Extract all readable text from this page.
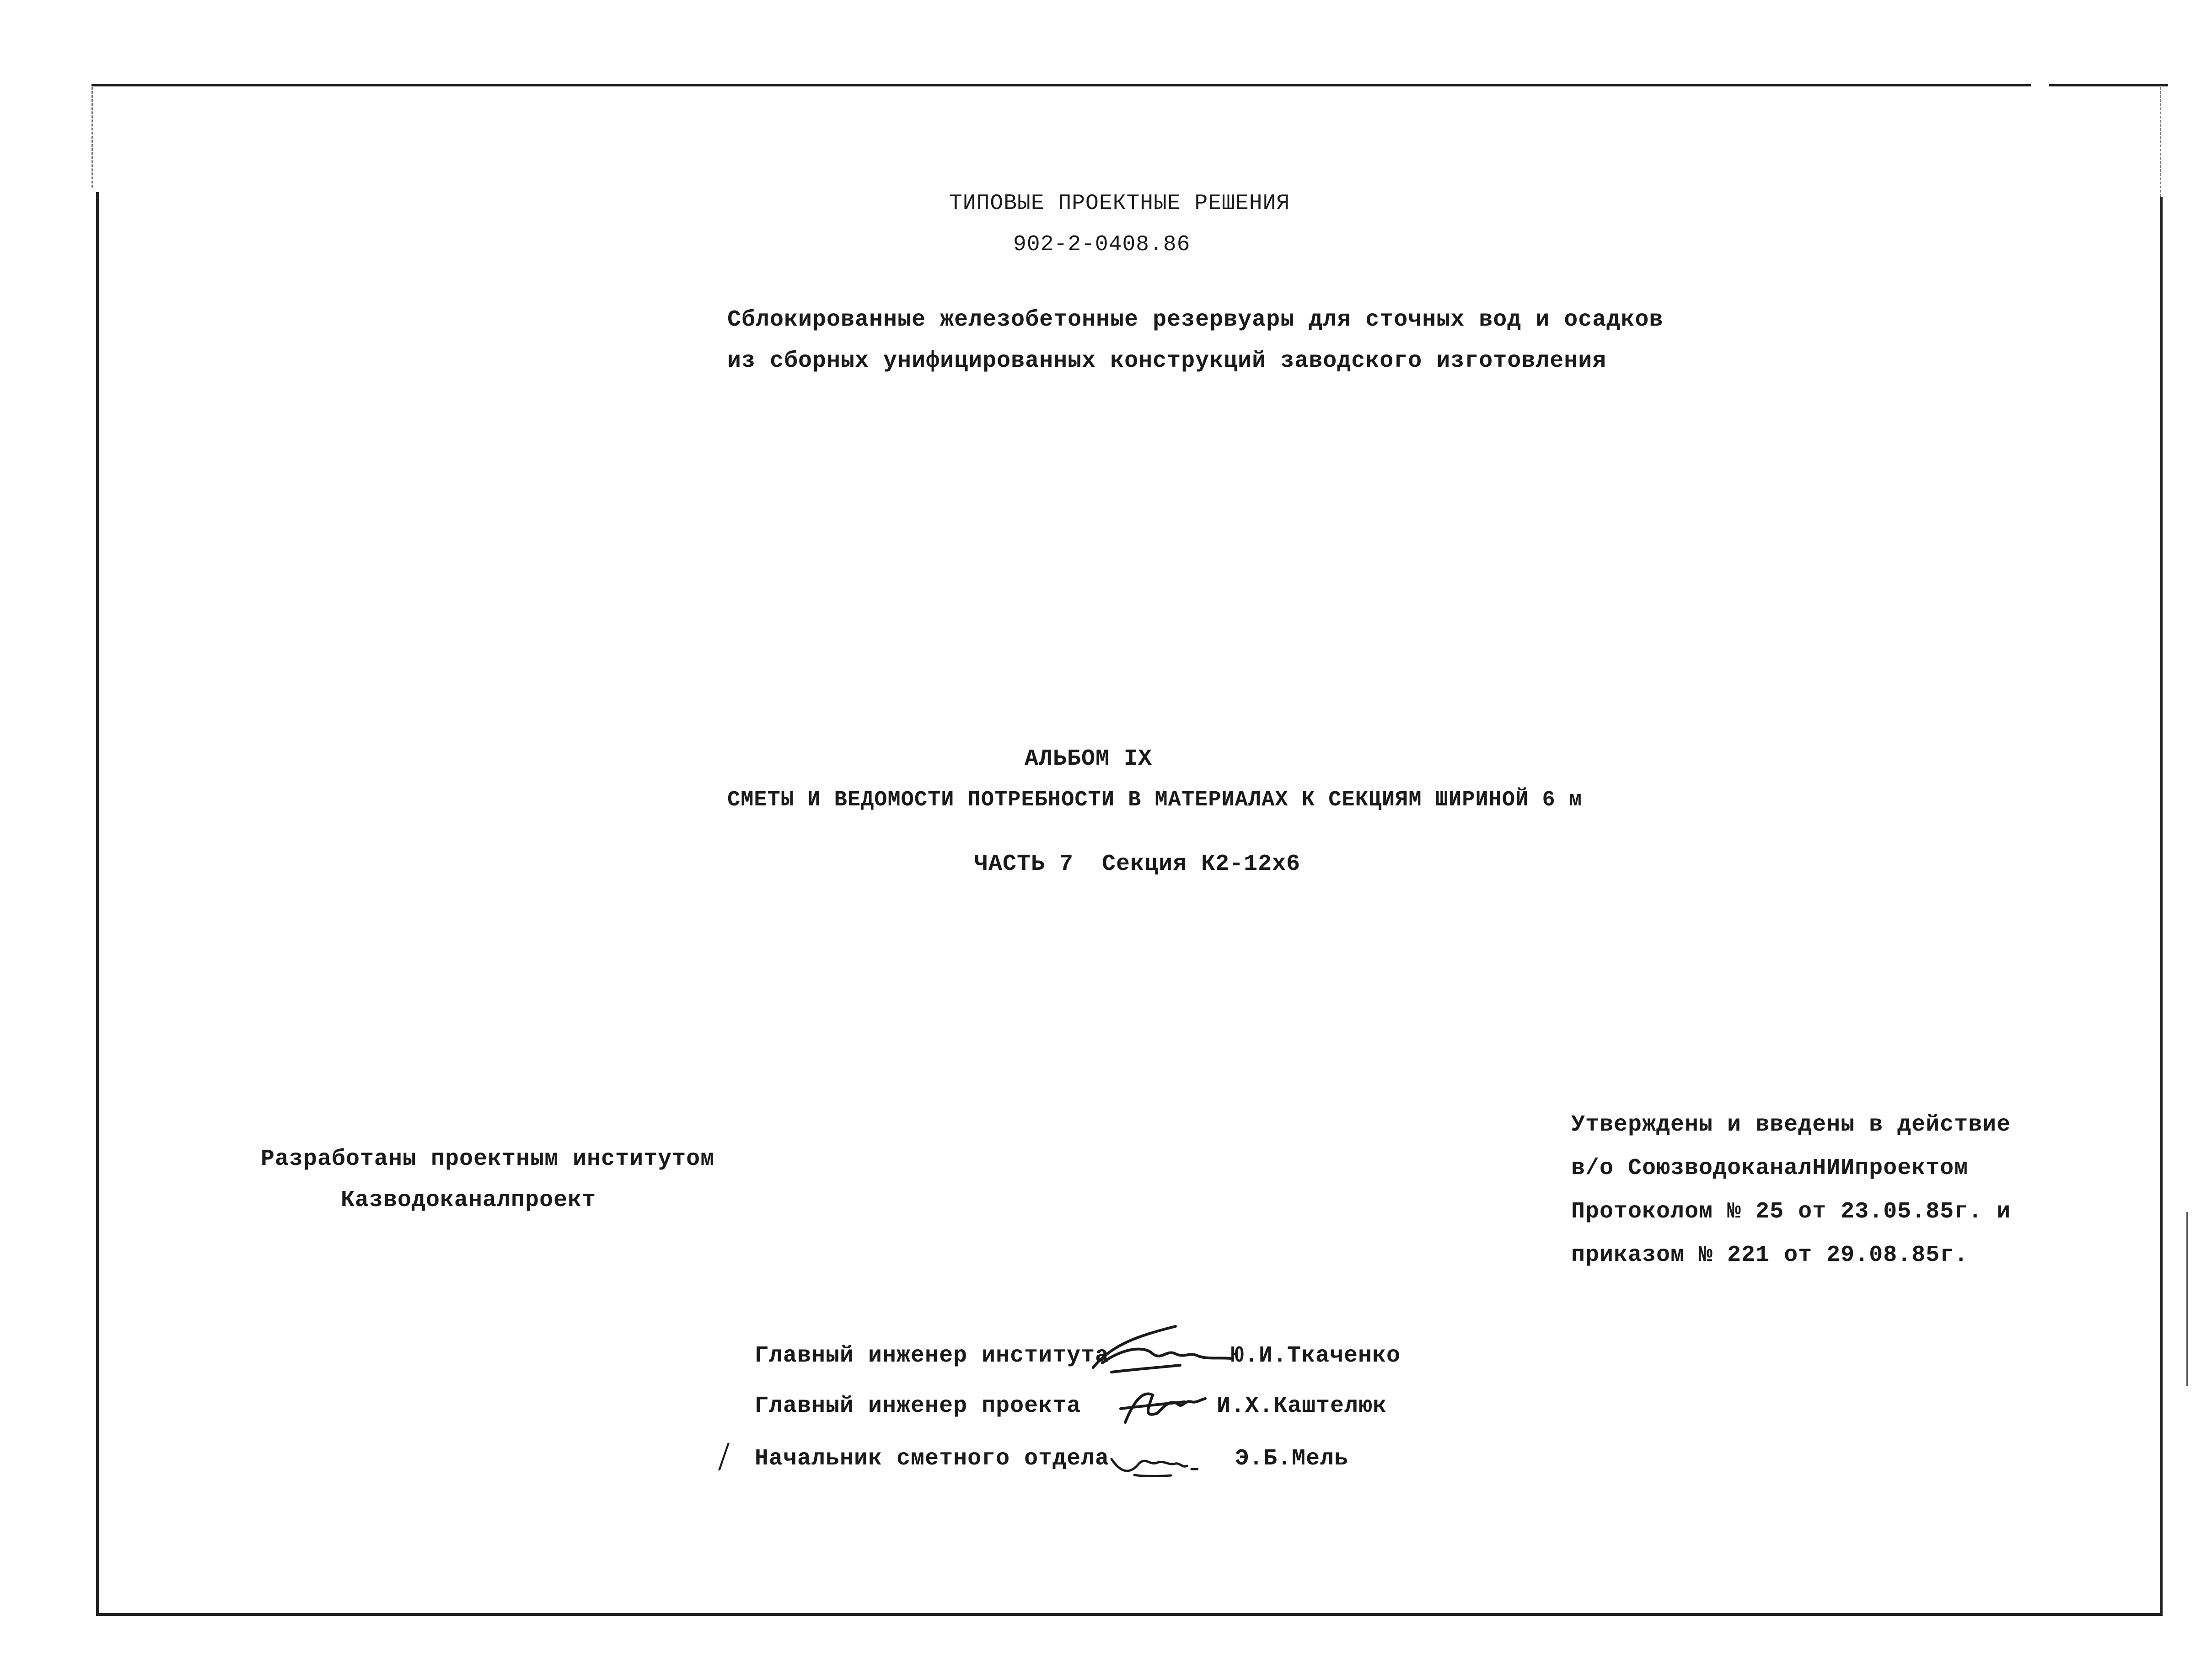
ТИПОВЫЕ ПРОЕКТНЫЕ РЕШЕНИЯ
902-2-0408.86
Сблокированные железобетонные резервуары для сточных вод и осадков
из сборных унифицированных конструкций заводского изготовления
АЛЬБОМ IX
СМЕТЫ И ВЕДОМОСТИ ПОТРЕБНОСТИ В МАТЕРИАЛАХ К СЕКЦИЯМ ШИРИНОЙ 6 м
ЧАСТЬ 7  Секция К2-12х6
Разработаны проектным институтом
Казводоканалпроект
Утверждены и введены в действие
в/о СоюзводоканалНИИпроектом
Протоколом № 25 от 23.05.85г. и
приказом № 221 от 29.08.85г.
Главный инженер института	Ю.И.Ткаченко
Главный инженер проекта	И.Х.Каштелюк
/ Начальник сметного отдела	Э.Б.Мель
